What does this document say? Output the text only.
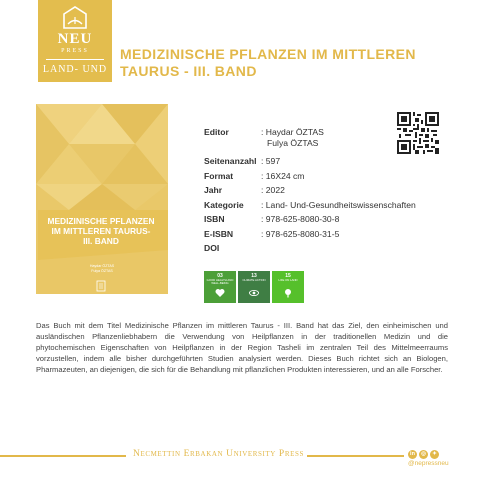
NEU
PRESS
LAND- UND
MEDIZINISCHE PFLANZEN IM MITTLEREN
TAURUS - III. BAND
MEDIZINISCHE PFLANZEN
IM MITTLEREN TAURUS-
III. BAND
Haydar ÖZTAS
Fulya ÖZTAS
Editor	: Haydar ÖZTAS
Fulya ÖZTAS
Seitenanzahl : 597
Format	: 16X24 cm
Jahr	: 2022
Kategorie : Land- Und-Gesundheitswissenschaften
ISBN	: 978-625-8080-30-8
E-ISBN	: 978-625-8080-31-5
DOI
03
GOOD HEALTH AND WELL-BEING
13
CLIMATE ACTION
15
LIFE ON LAND
Das Buch mit dem Titel Medizinische Pflanzen im mittleren Taurus - III. Band hat das Ziel, den einheimischen und ausländischen Pflanzenliebhabern die Verwendung von Heilpflanzen in der traditionellen Medizin und die phytochemischen Eigenschaften von Heilpflanzen in der Region Tasheli im zentralen Teil des Mittelmeerraums vorzustellen, indem alle bisher durchgeführten Studien analysiert werden. Dieses Buch richtet sich an Biologen, Pharmazeuten, an diejenigen, die sich für die Behandlung mit pflanzlichen Produkten interessieren, und an alle Forscher.
Necmettin Erbakan University Press	in	◎	✦
@nepressneu
